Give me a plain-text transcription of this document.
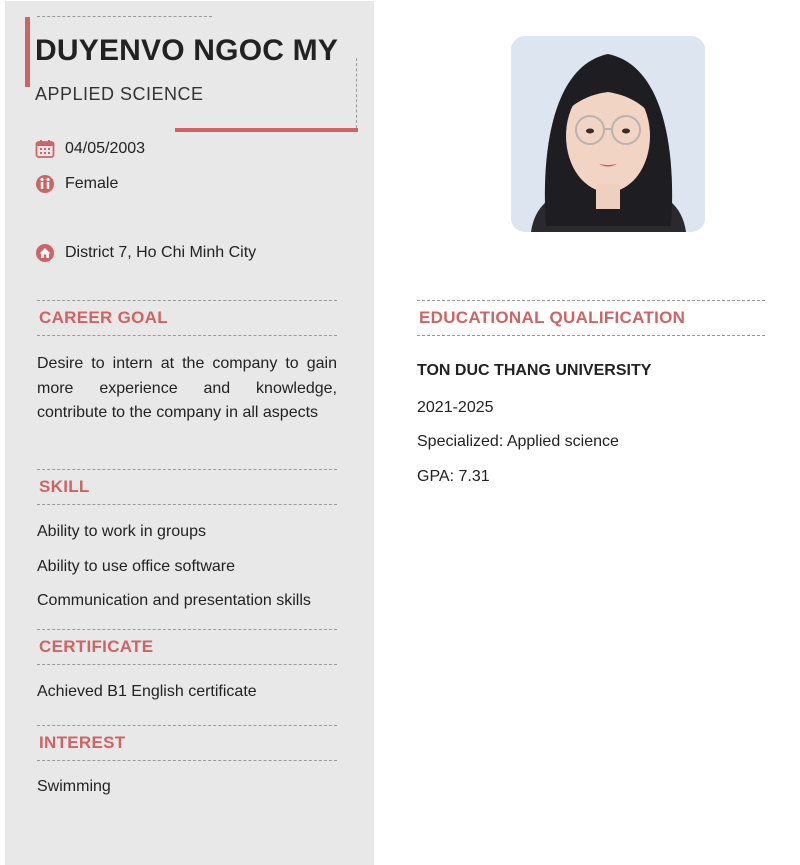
DUYENVO NGOC MY
APPLIED SCIENCE
04/05/2003
Female
District 7, Ho Chi Minh City
CAREER GOAL
Desire to intern at the company to gain more experience and knowledge, contribute to the company in all aspects
SKILL
Ability to work in groups
Ability to use office software
Communication and presentation skills
CERTIFICATE
Achieved B1 English certificate
INTEREST
Swimming
EDUCATIONAL QUALIFICATION
TON DUC THANG UNIVERSITY
2021-2025
Specialized: Applied science
GPA: 7.31
